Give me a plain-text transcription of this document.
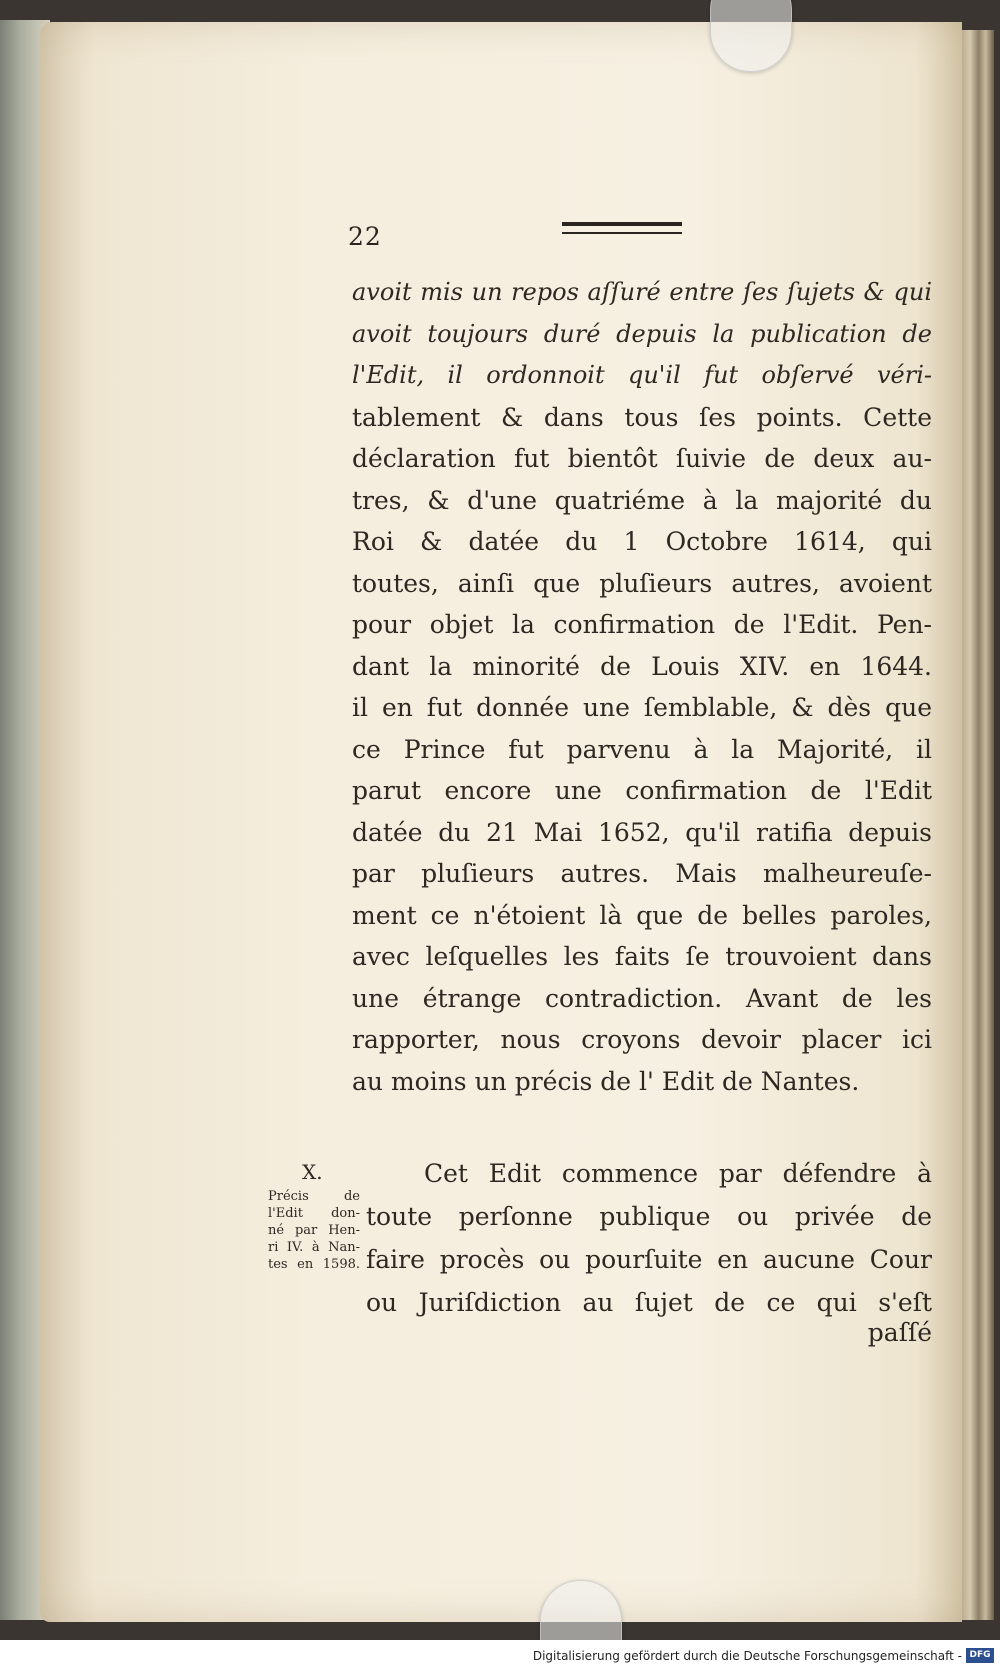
22
avoit mis un repos aſſuré entre ſes ſujets & qui
avoit toujours duré depuis la publication de
l'Edit, il ordonnoit qu'il fut obſervé véri-
tablement & dans tous ſes points. Cette
déclaration fut bientôt ſuivie de deux au-
tres, & d'une quatriéme à la majorité du
Roi & datée du 1 Octobre 1614, qui
toutes, ainſi que pluſieurs autres, avoient
pour objet la confirmation de l'Edit. Pen-
dant la minorité de Louis XIV. en 1644.
il en fut donnée une ſemblable, & dès que
ce Prince fut parvenu à la Majorité, il
parut encore une confirmation de l'Edit
datée du 21 Mai 1652, qu'il ratifia depuis
par pluſieurs autres. Mais malheureuſe-
ment ce n'étoient là que de belles paroles,
avec leſquelles les faits ſe trouvoient dans
une étrange contradiction. Avant de les
rapporter, nous croyons devoir placer ici
au moins un précis de l' Edit de Nantes.
X.
Précis de
l'Edit don-
né par Hen-
ri IV. à Nan-
tes en 1598.
Cet Edit commence par défendre à
toute perſonne publique ou privée de
faire procès ou pourſuite en aucune Cour
ou Juriſdiction au ſujet de ce qui s'eſt
paſſé
Digitalisierung gefördert durch die Deutsche Forschungsgemeinschaft - DFG
